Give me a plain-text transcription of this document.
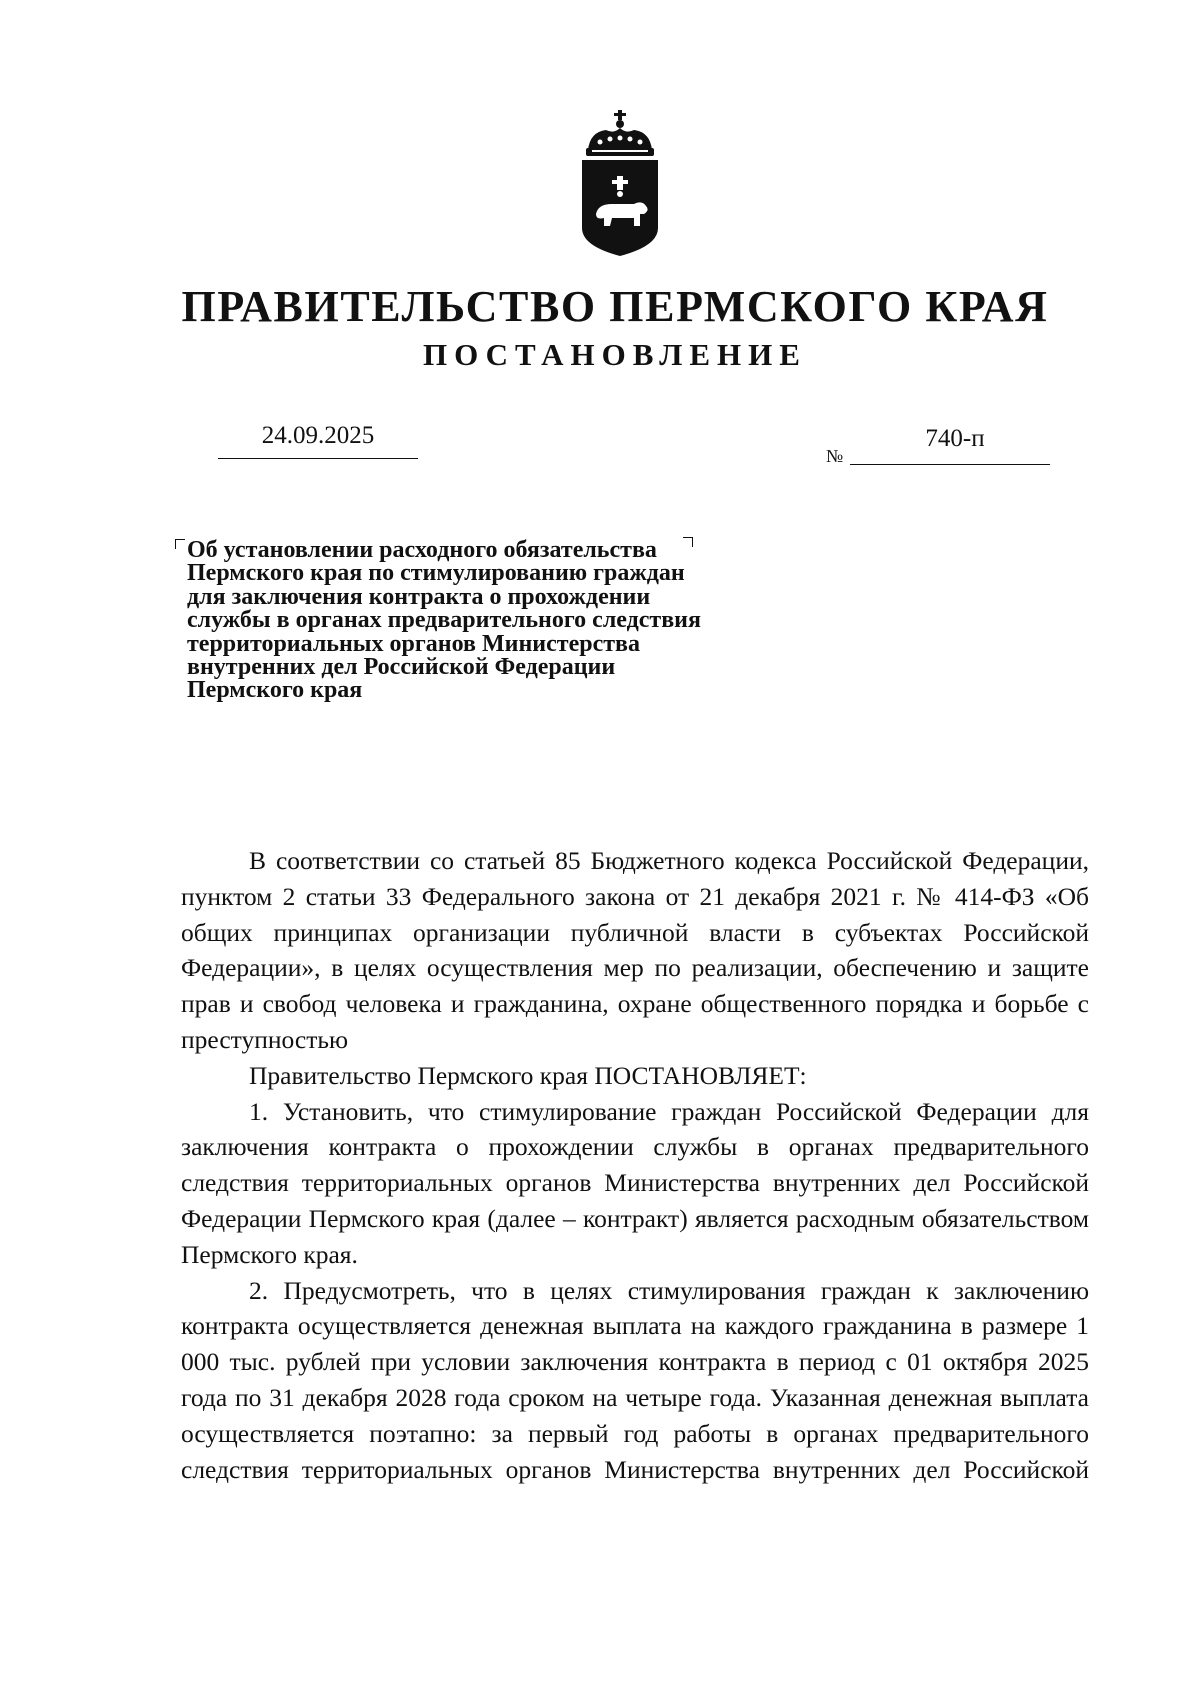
ПРАВИТЕЛЬСТВО ПЕРМСКОГО КРАЯ
ПОСТАНОВЛЕНИЕ
24.09.2025
№
740-п
Об установлении расходного обязательства
Пермского края по стимулированию граждан
для заключения контракта о прохождении
службы в органах предварительного следствия
территориальных органов Министерства
внутренних дел Российской Федерации
Пермского края

В соответствии со статьей 85 Бюджетного кодекса Российской Федерации, пунктом 2 статьи 33 Федерального закона от 21 декабря 2021 г. № 414-ФЗ «Об общих принципах организации публичной власти в субъектах Российской Федерации», в целях осуществления мер по реализации, обеспечению и защите прав и свобод человека и гражданина, охране общественного порядка и борьбе с преступностью

Правительство Пермского края ПОСТАНОВЛЯЕТ:

1. Установить, что стимулирование граждан Российской Федерации для заключения контракта о прохождении службы в органах предварительного следствия территориальных органов Министерства внутренних дел Российской Федерации Пермского края (далее – контракт) является расходным обязательством Пермского края.

2. Предусмотреть, что в целях стимулирования граждан к заключению контракта осуществляется денежная выплата на каждого гражданина в размере 1 000 тыс. рублей при условии заключения контракта в период с 01 октября 2025 года по 31 декабря 2028 года сроком на четыре года. Указанная денежная выплата осуществляется поэтапно: за первый год работы в органах предварительного следствия территориальных органов Министерства внутренних дел Российской
